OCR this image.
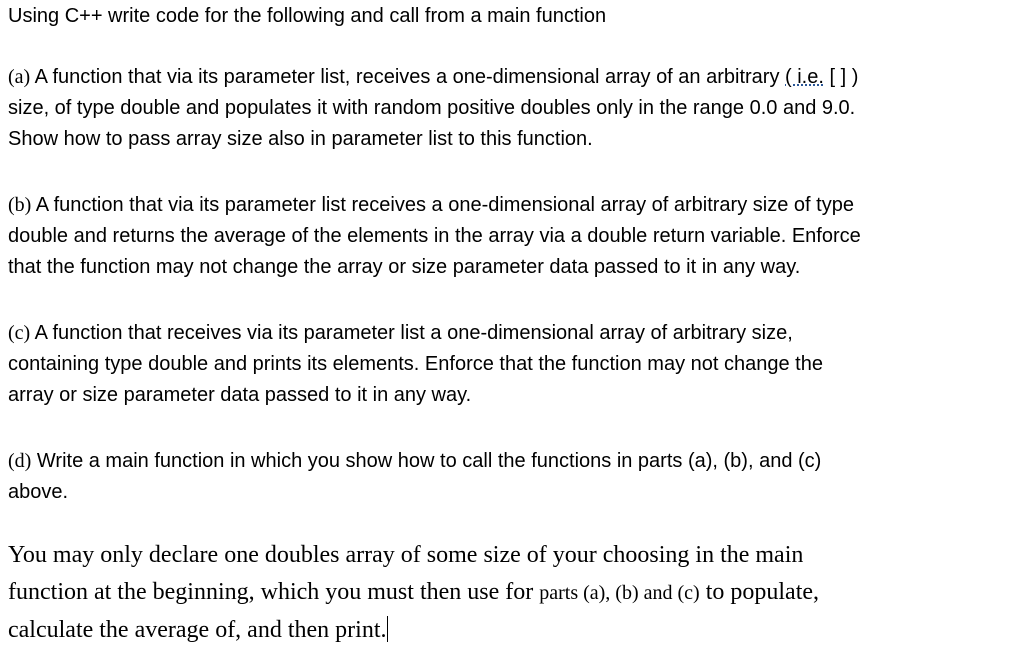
Using C++ write code for the following and call from a main function

(a) A function that via its parameter list, receives a one-dimensional array of an arbitrary ( i.e. [ ] )
size, of type double and populates it with random positive doubles only in the range 0.0 and 9.0.
Show how to pass array size also in parameter list to this function.

(b) A function that via its parameter list receives a one-dimensional array of arbitrary size of type
double and returns the average of the elements in the array via a double return variable. Enforce
that the function may not change the array or size parameter data passed to it in any way.

(c) A function that receives via its parameter list a one-dimensional array of arbitrary size,
containing type double and prints its elements. Enforce that the function may not change the
array or size parameter data passed to it in any way.

(d) Write a main function in which you show how to call the functions in parts (a), (b), and (c)
above.

You may only declare one doubles array of some size of your choosing in the main
function at the beginning, which you must then use for parts (a), (b) and (c) to populate,
calculate the average of, and then print.
